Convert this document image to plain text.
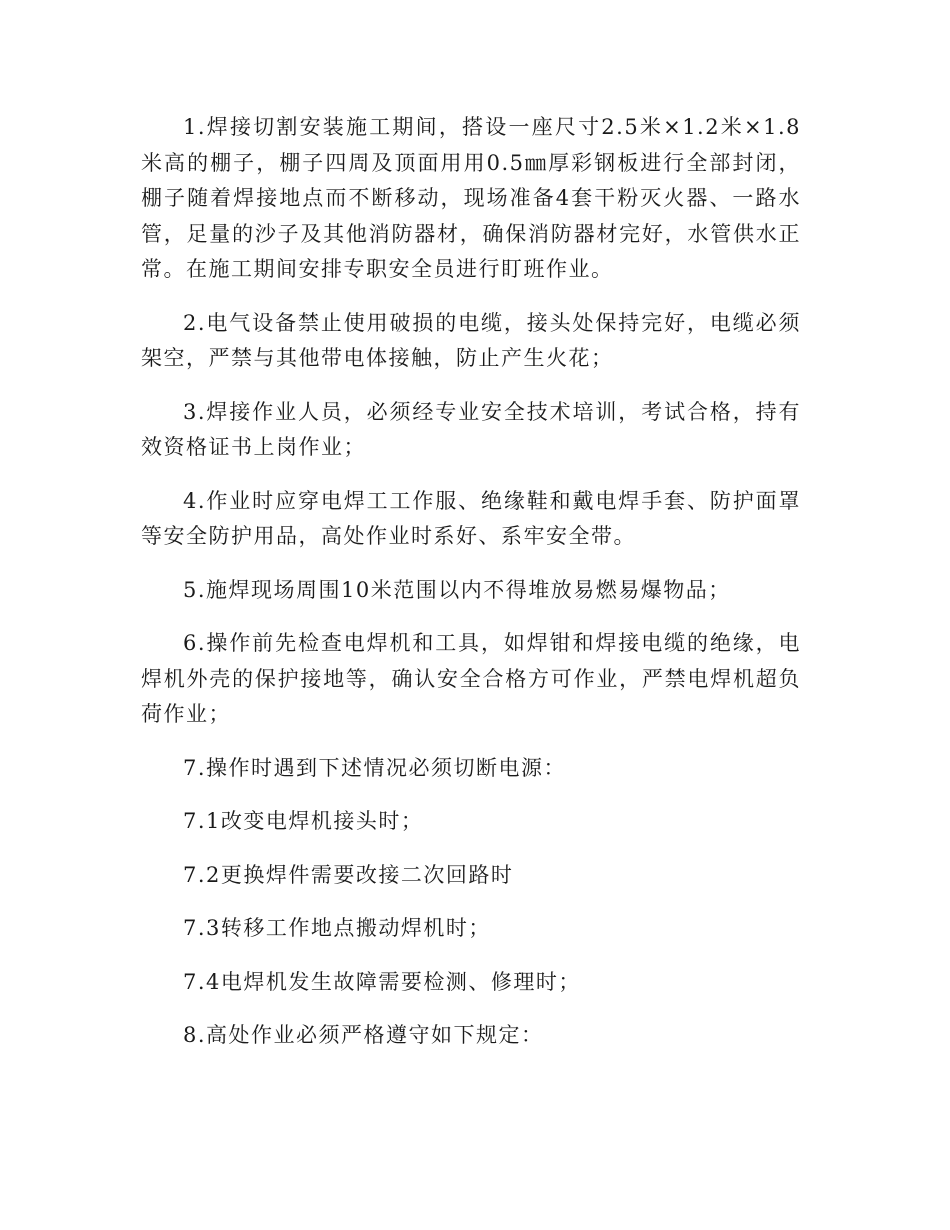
1.焊接切割安装施工期间，搭设一座尺寸2.5米×1.2米×1.8米高的棚子，棚子四周及顶面用用0.5㎜厚彩钢板进行全部封闭，棚子随着焊接地点而不断移动，现场准备4套干粉灭火器、一路水管，足量的沙子及其他消防器材，确保消防器材完好，水管供水正常。在施工期间安排专职安全员进行盯班作业。

2.电气设备禁止使用破损的电缆，接头处保持完好，电缆必须架空，严禁与其他带电体接触，防止产生火花；

3.焊接作业人员，必须经专业安全技术培训，考试合格，持有效资格证书上岗作业；

4.作业时应穿电焊工工作服、绝缘鞋和戴电焊手套、防护面罩等安全防护用品，高处作业时系好、系牢安全带。

5.施焊现场周围10米范围以内不得堆放易燃易爆物品；

6.操作前先检查电焊机和工具，如焊钳和焊接电缆的绝缘，电焊机外壳的保护接地等，确认安全合格方可作业，严禁电焊机超负荷作业；

7.操作时遇到下述情况必须切断电源：

7.1改变电焊机接头时；

7.2更换焊件需要改接二次回路时

7.3转移工作地点搬动焊机时；

7.4电焊机发生故障需要检测、修理时；

8.高处作业必须严格遵守如下规定：
